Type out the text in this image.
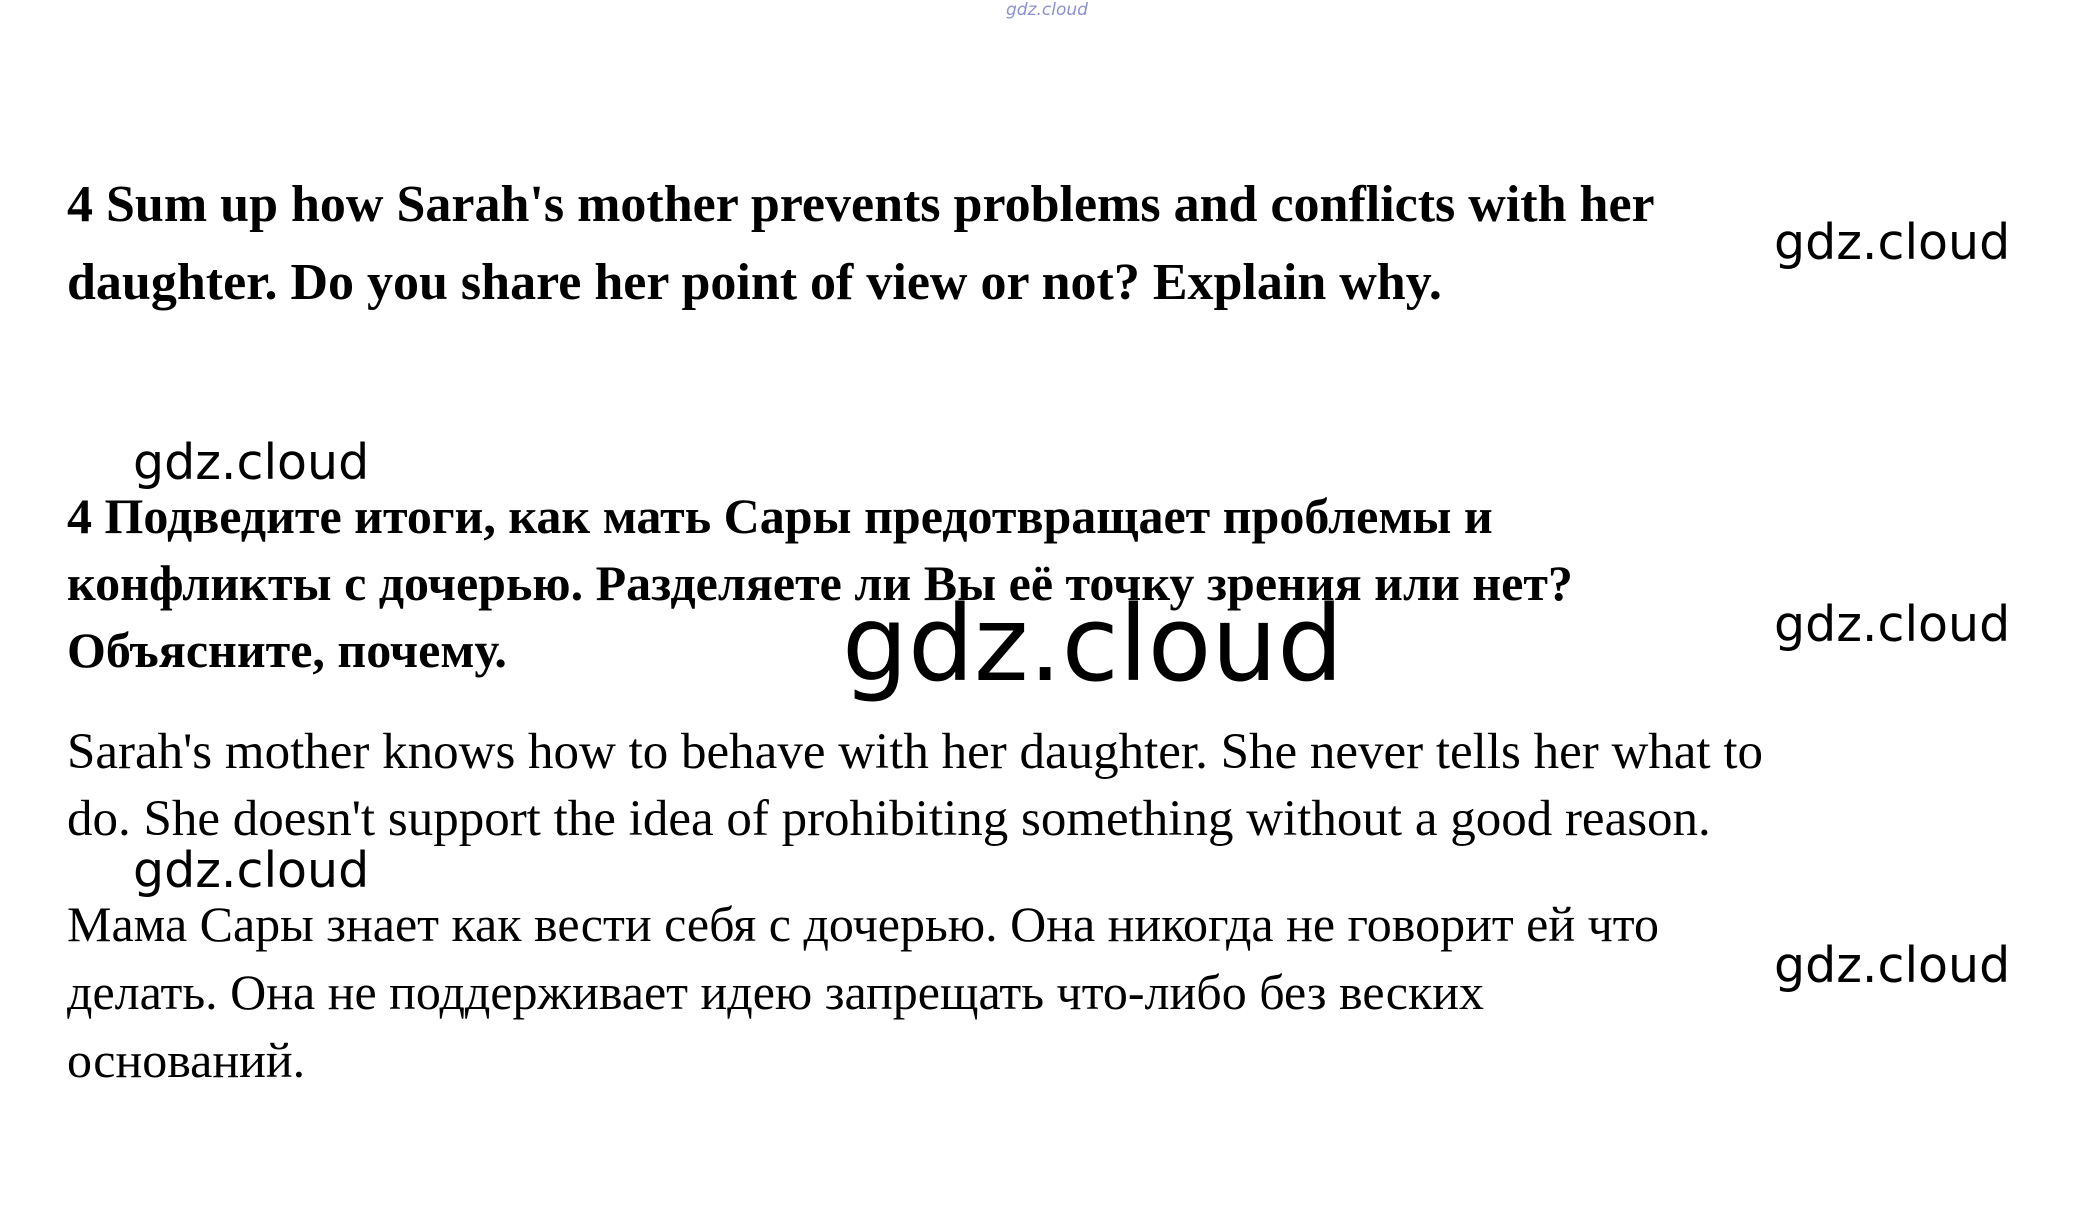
gdz.cloud
4 Sum up how Sarah's mother prevents problems and conflicts with her
daughter. Do you share her point of view or not? Explain why.
4 Подведите итоги, как мать Сары предотвращает проблемы и
конфликты с дочерью. Разделяете ли Вы её точку зрения или нет?
Объясните, почему.
Sarah's mother knows how to behave with her daughter. She never tells her what to
do. She doesn't support the idea of prohibiting something without a good reason.
Мама Сары знает как вести себя с дочерью. Она никогда не говорит ей что
делать. Она не поддерживает идею запрещать что-либо без веских
оснований.
gdz.cloud
gdz.cloud
gdz.cloud
gdz.cloud
gdz.cloud
gdz.cloud
